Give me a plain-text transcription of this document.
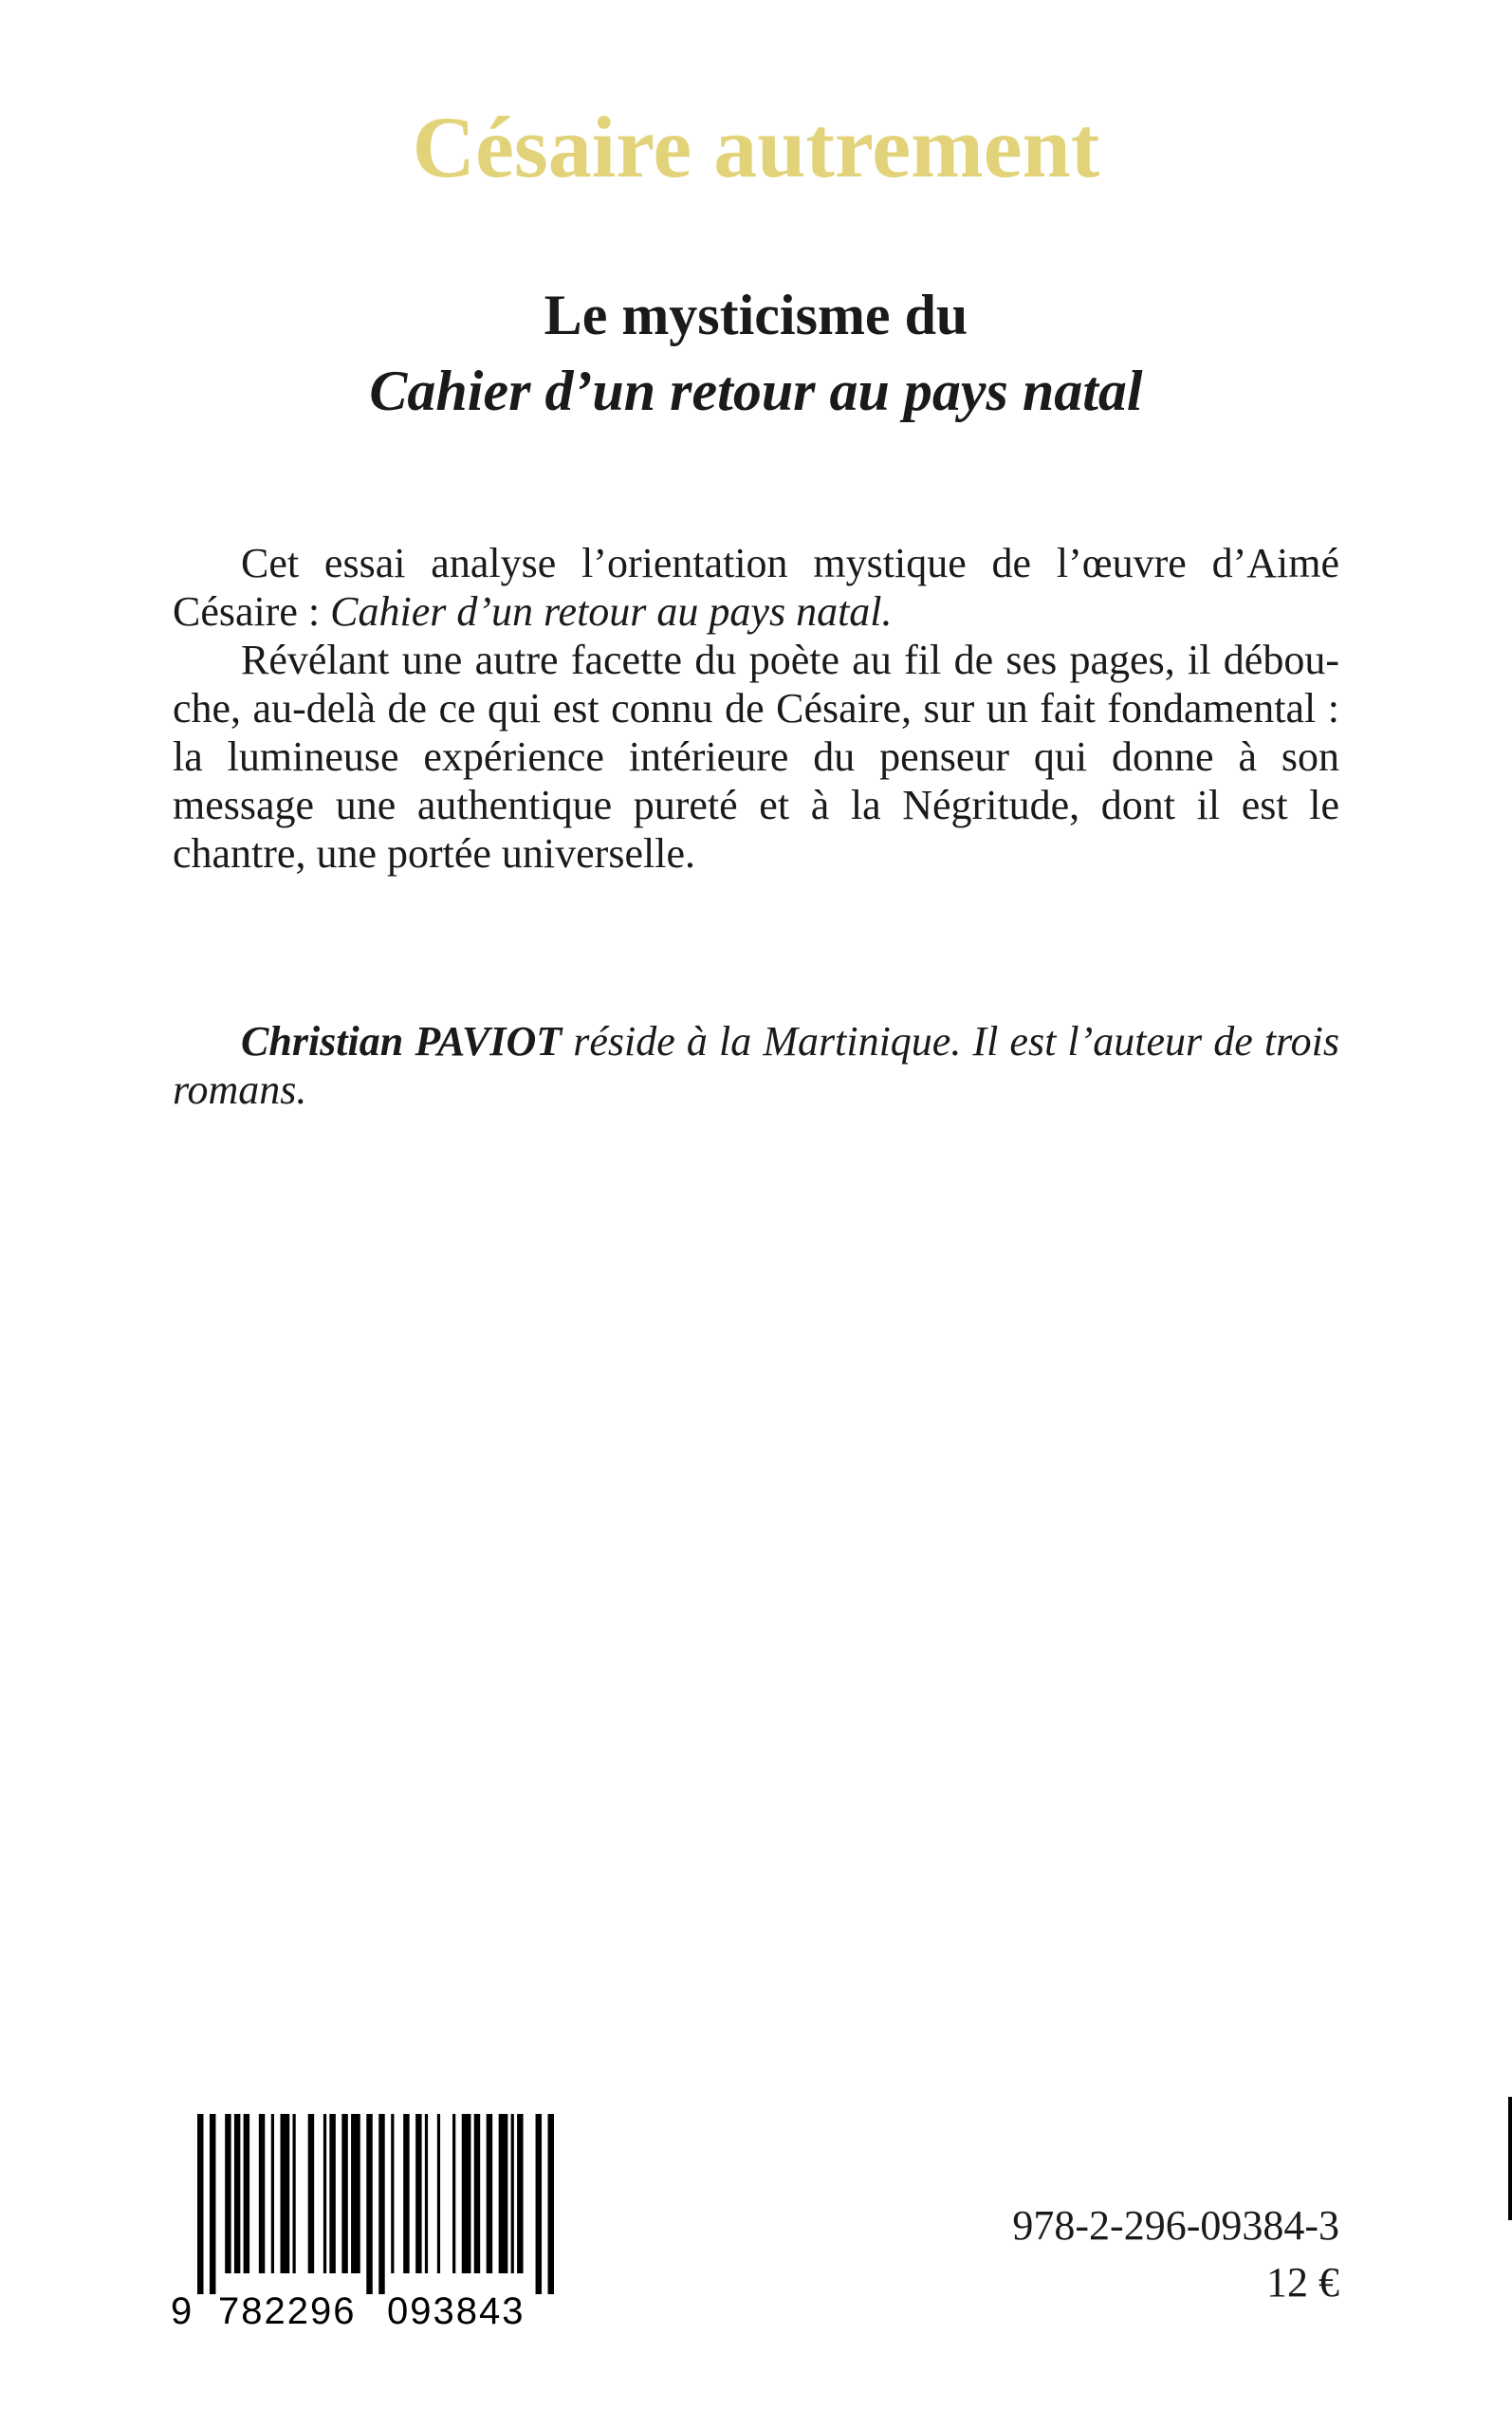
Césaire autrement
Le mysticisme du
Cahier d’un retour au pays natal

Cet essai analyse l’orientation mystique de l’œuvre d’Aimé Césaire : Cahier d’un retour au pays natal.

Révélant une autre facette du poète au fil de ses pages, il débouche, au-delà de ce qui est connu de Césaire, sur un fait fondamental : la lumineuse expérience intérieure du penseur qui donne à son message une authentique pureté et à la Négritude, dont il est le chantre, une portée universelle.

Christian PAVIOT réside à la Martinique. Il est l’auteur de trois romans.

9 782296 093843

978-2-296-09384-3

12 €
